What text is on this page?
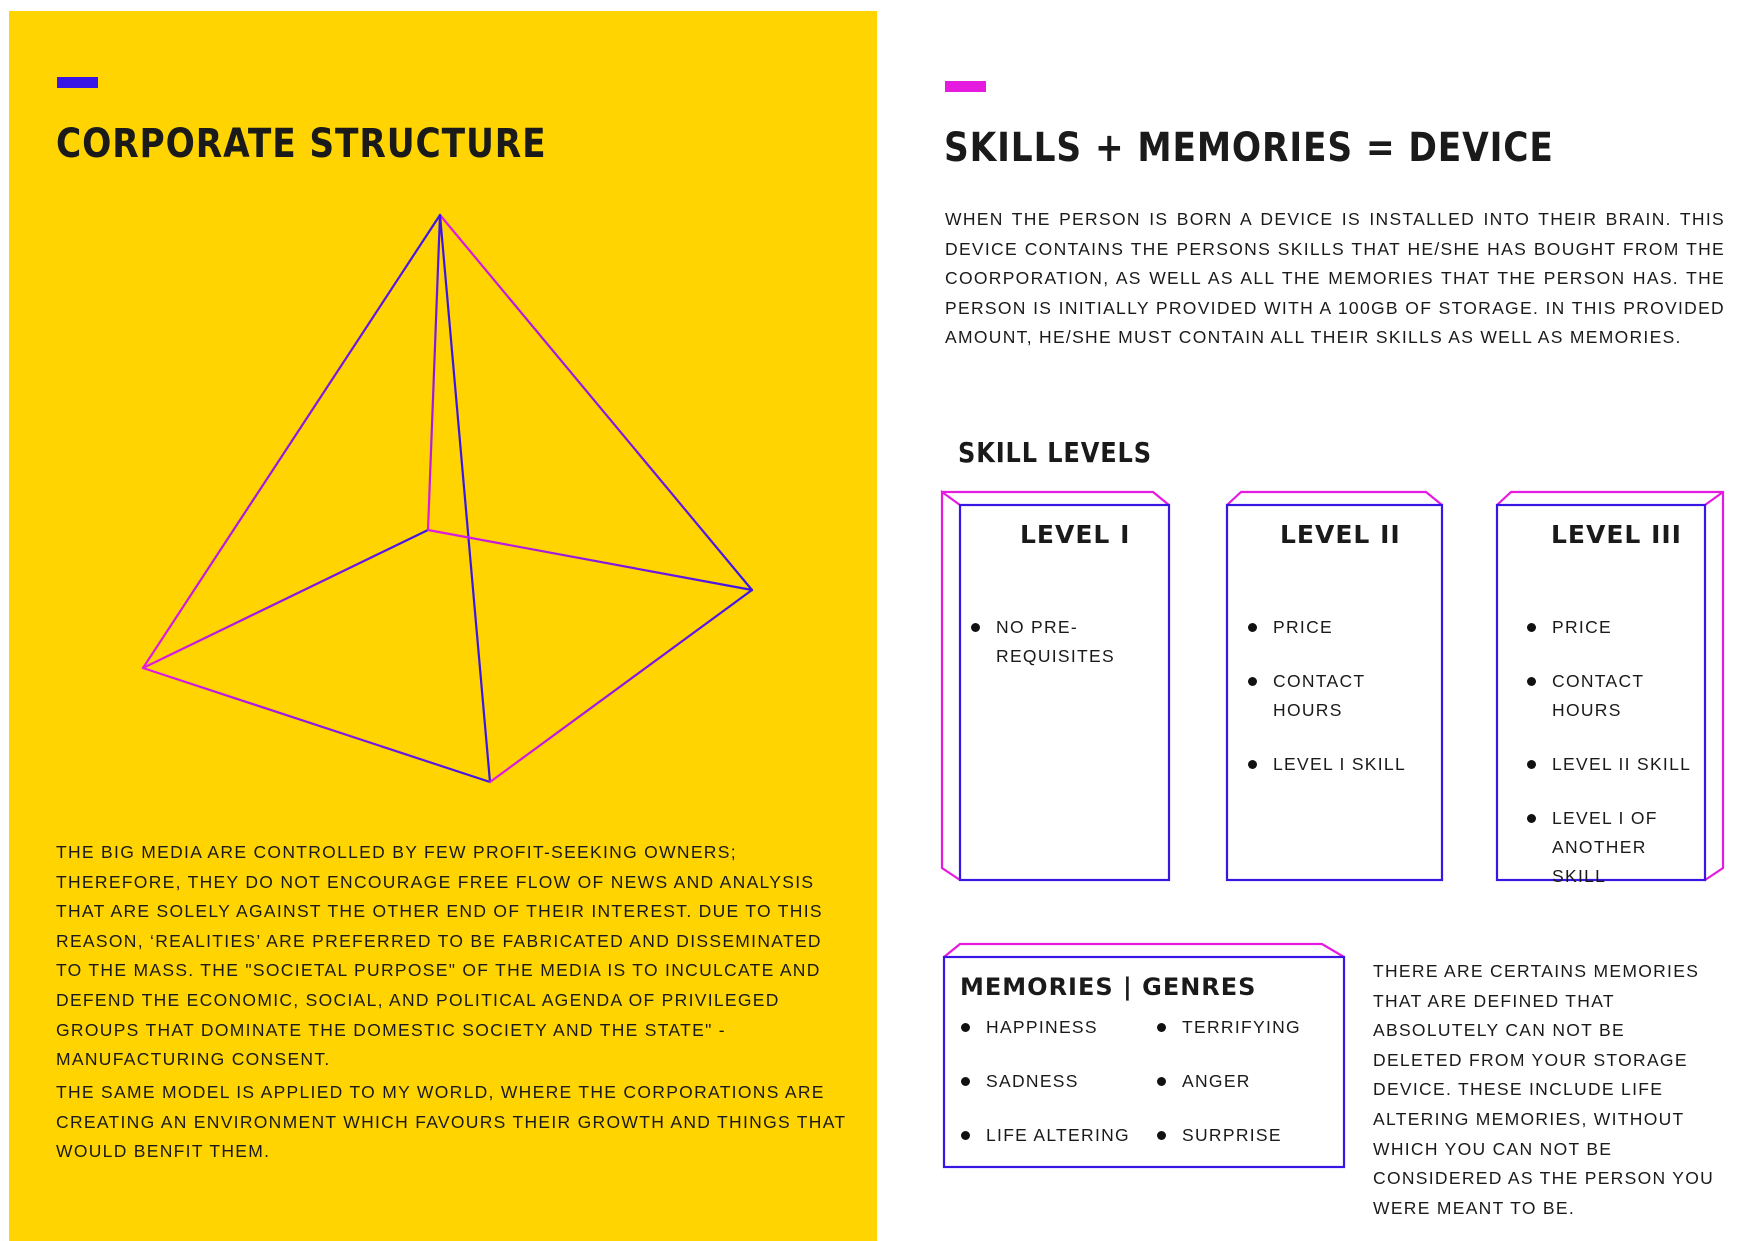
CORPORATE STRUCTURE

THE BIG MEDIA ARE CONTROLLED BY FEW PROFIT-SEEKING OWNERS; THEREFORE, THEY DO NOT ENCOURAGE FREE FLOW OF NEWS AND ANALYSIS THAT ARE SOLELY AGAINST THE OTHER END OF THEIR INTEREST. DUE TO THIS REASON, ‘REALITIES’ ARE PREFERRED TO BE FABRICATED AND DISSEMINATED TO THE MASS. THE "SOCIETAL PURPOSE" OF THE MEDIA IS TO INCULCATE AND DEFEND THE ECONOMIC, SOCIAL, AND POLITICAL AGENDA OF PRIVILEGED GROUPS THAT DOMINATE THE DOMESTIC SOCIETY AND THE STATE" - MANUFACTURING CONSENT.

THE SAME MODEL IS APPLIED TO MY WORLD, WHERE THE CORPORATIONS ARE CREATING AN ENVIRONMENT WHICH FAVOURS THEIR GROWTH AND THINGS THAT WOULD BENFIT THEM.

SKILLS + MEMORIES = DEVICE

WHEN THE PERSON IS BORN A DEVICE IS INSTALLED INTO THEIR BRAIN. THIS DEVICE CONTAINS THE PERSONS SKILLS THAT HE/SHE HAS BOUGHT FROM THE COORPORATION, AS WELL AS ALL THE MEMORIES THAT THE PERSON HAS. THE PERSON IS INITIALLY PROVIDED WITH A 100GB OF STORAGE. IN THIS PROVIDED AMOUNT, HE/SHE MUST CONTAIN ALL THEIR SKILLS AS WELL AS MEMORIES.

SKILL LEVELS
LEVEL I
NO PRE-REQUISITES
LEVEL II
PRICE
CONTACT HOURS
LEVEL I SKILL
LEVEL III
PRICE
CONTACT HOURS
LEVEL II SKILL
LEVEL I OF ANOTHER SKILL
MEMORIES | GENRES
HAPPINESS
SADNESS
LIFE ALTERING
TERRIFYING
ANGER
SURPRISE

THERE ARE CERTAINS MEMORIES THAT ARE DEFINED THAT ABSOLUTELY CAN NOT BE DELETED FROM YOUR STORAGE DEVICE. THESE INCLUDE LIFE ALTERING MEMORIES, WITHOUT WHICH YOU CAN NOT BE CONSIDERED AS THE PERSON YOU WERE MEANT TO BE.
